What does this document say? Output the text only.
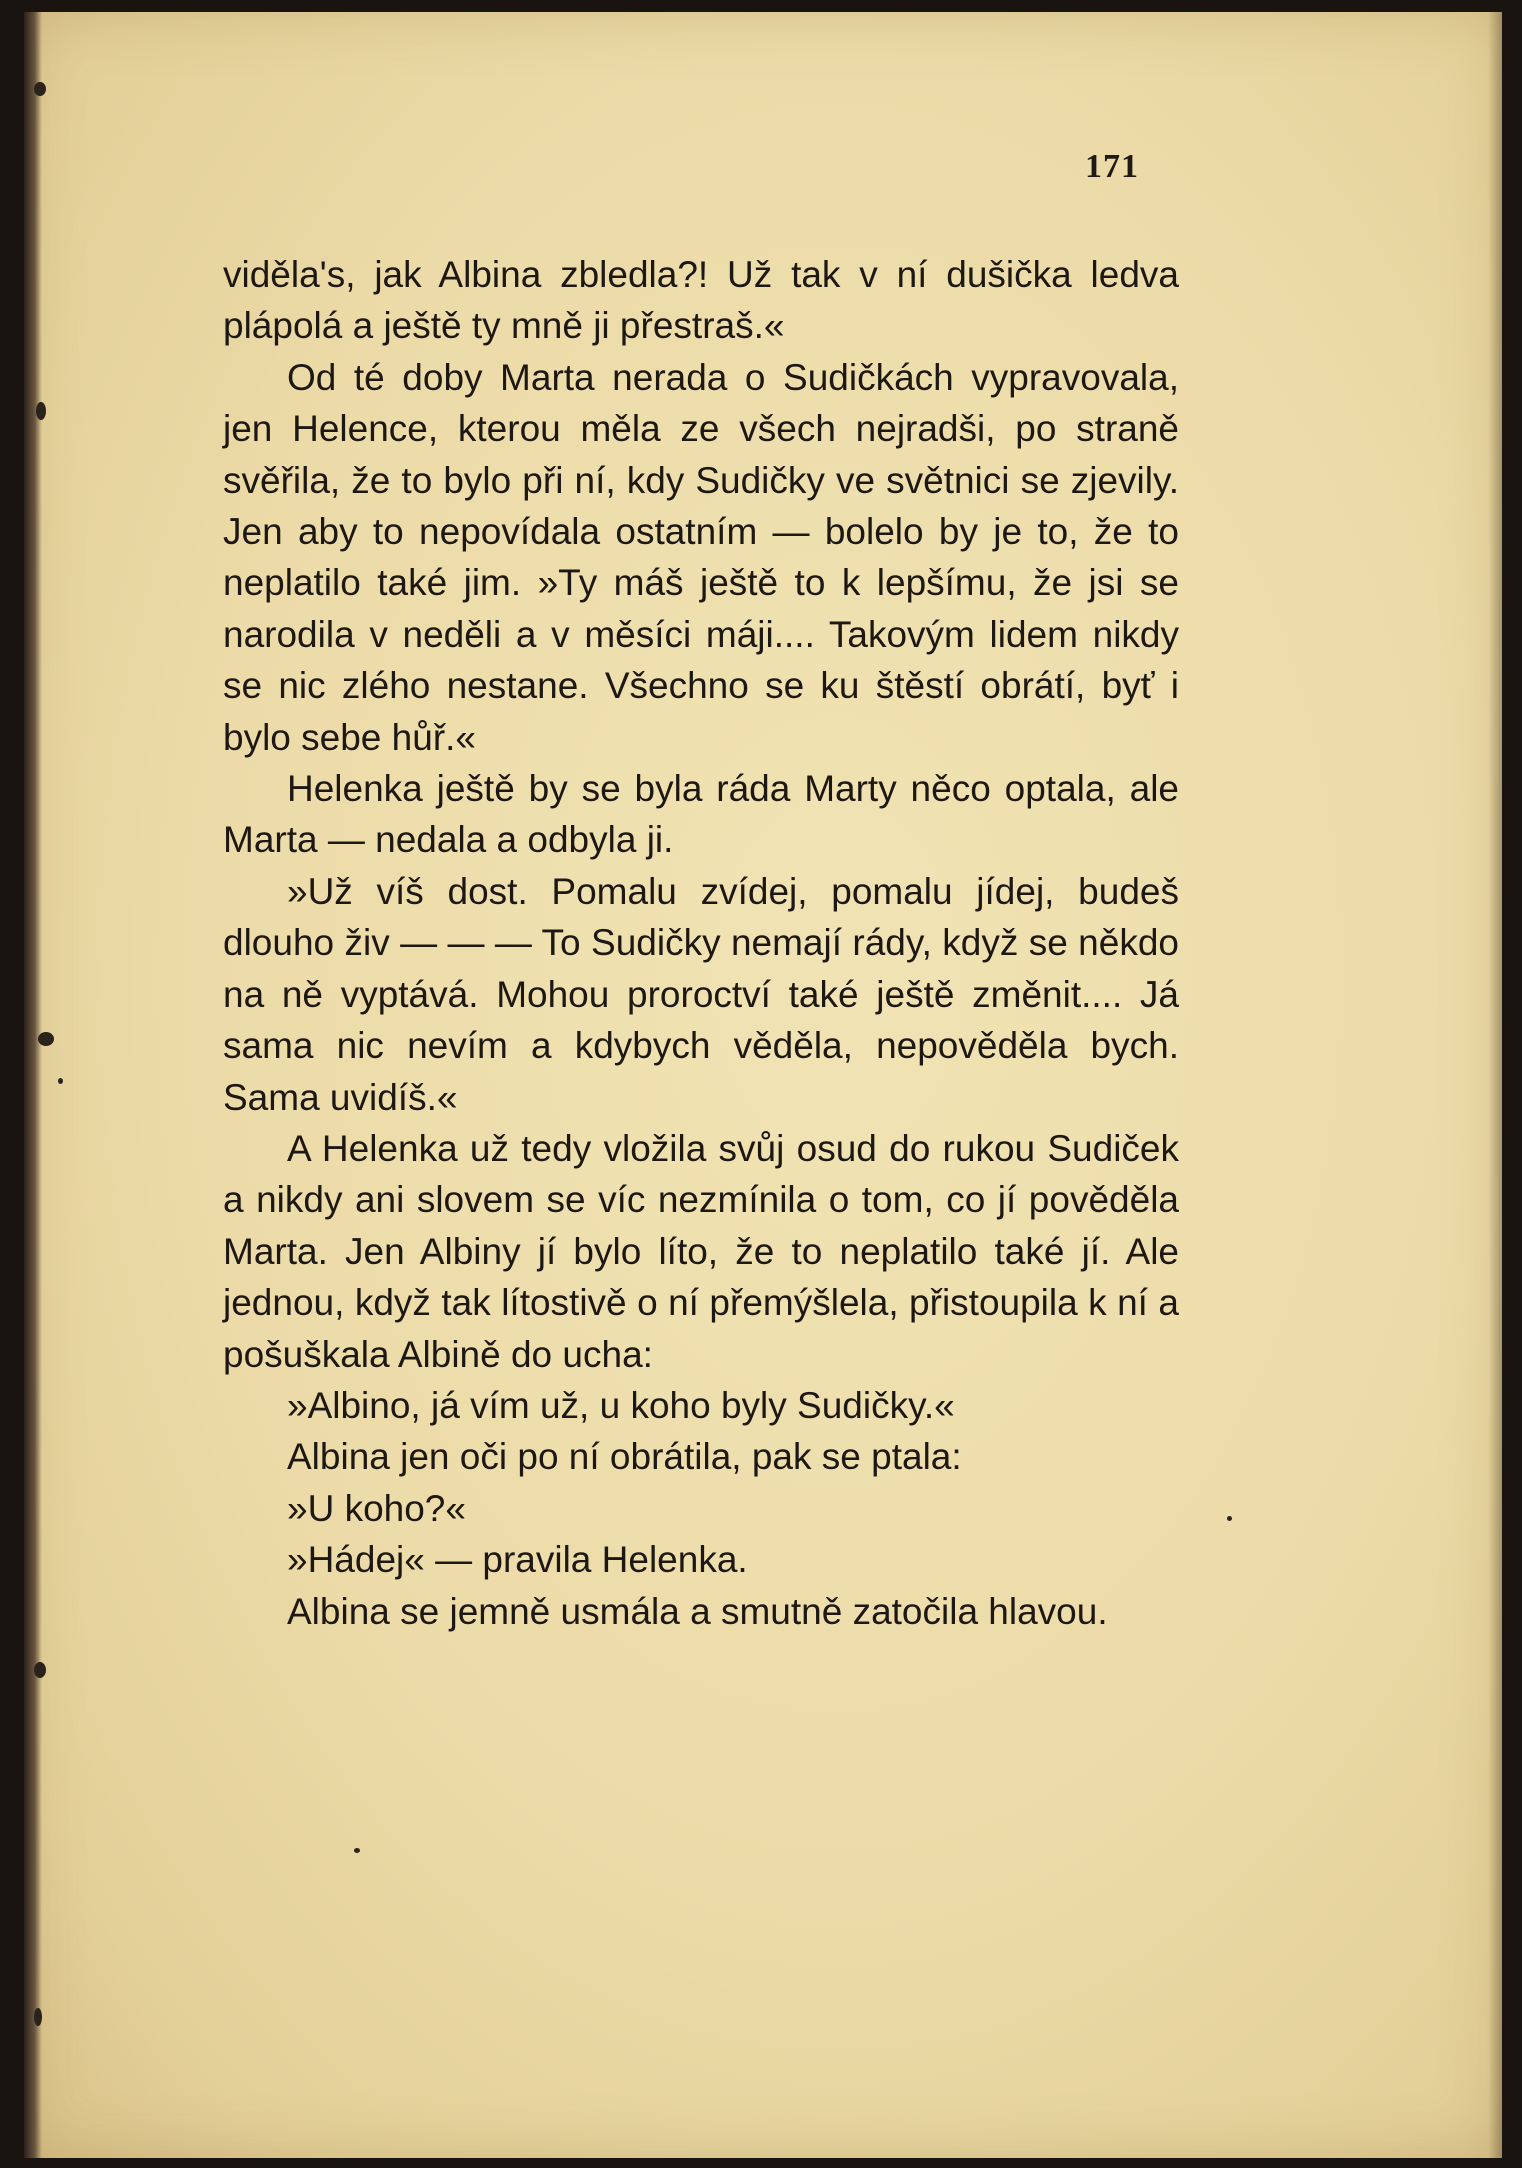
171

viděla's, jak Albina zbledla?! Už tak v ní dušička ledva plápolá a ještě ty mně ji přestraš.«

Od té doby Marta nerada o Sudičkách vypravovala, jen Helence, kterou měla ze všech nejradši, po straně svěřila, že to bylo při ní, kdy Sudičky ve světnici se zjevily. Jen aby to nepovídala ostatním — bolelo by je to, že to neplatilo také jim. »Ty máš ještě to k lepšímu, že jsi se narodila v neděli a v měsíci máji.... Takovým lidem nikdy se nic zlého nestane. Všechno se ku štěstí obrátí, byť i bylo sebe hůř.«

Helenka ještě by se byla ráda Marty něco optala, ale Marta — nedala a odbyla ji.

»Už víš dost. Pomalu zvídej, pomalu jídej, budeš dlouho živ — — — To Sudičky nemají rády, když se někdo na ně vyptává. Mohou proroctví také ještě změnit.... Já sama nic nevím a kdybych věděla, nepověděla bych. Sama uvidíš.«

A Helenka už tedy vložila svůj osud do rukou Sudiček a nikdy ani slovem se víc nezmínila o tom, co jí pověděla Marta. Jen Albiny jí bylo líto, že to neplatilo také jí. Ale jednou, když tak lítostivě o ní přemýšlela, přistoupila k ní a pošuškala Albině do ucha:

»Albino, já vím už, u koho byly Sudičky.«

Albina jen oči po ní obrátila, pak se ptala:

»U koho?«

»Hádej« — pravila Helenka.

Albina se jemně usmála a smutně zatočila hlavou.
